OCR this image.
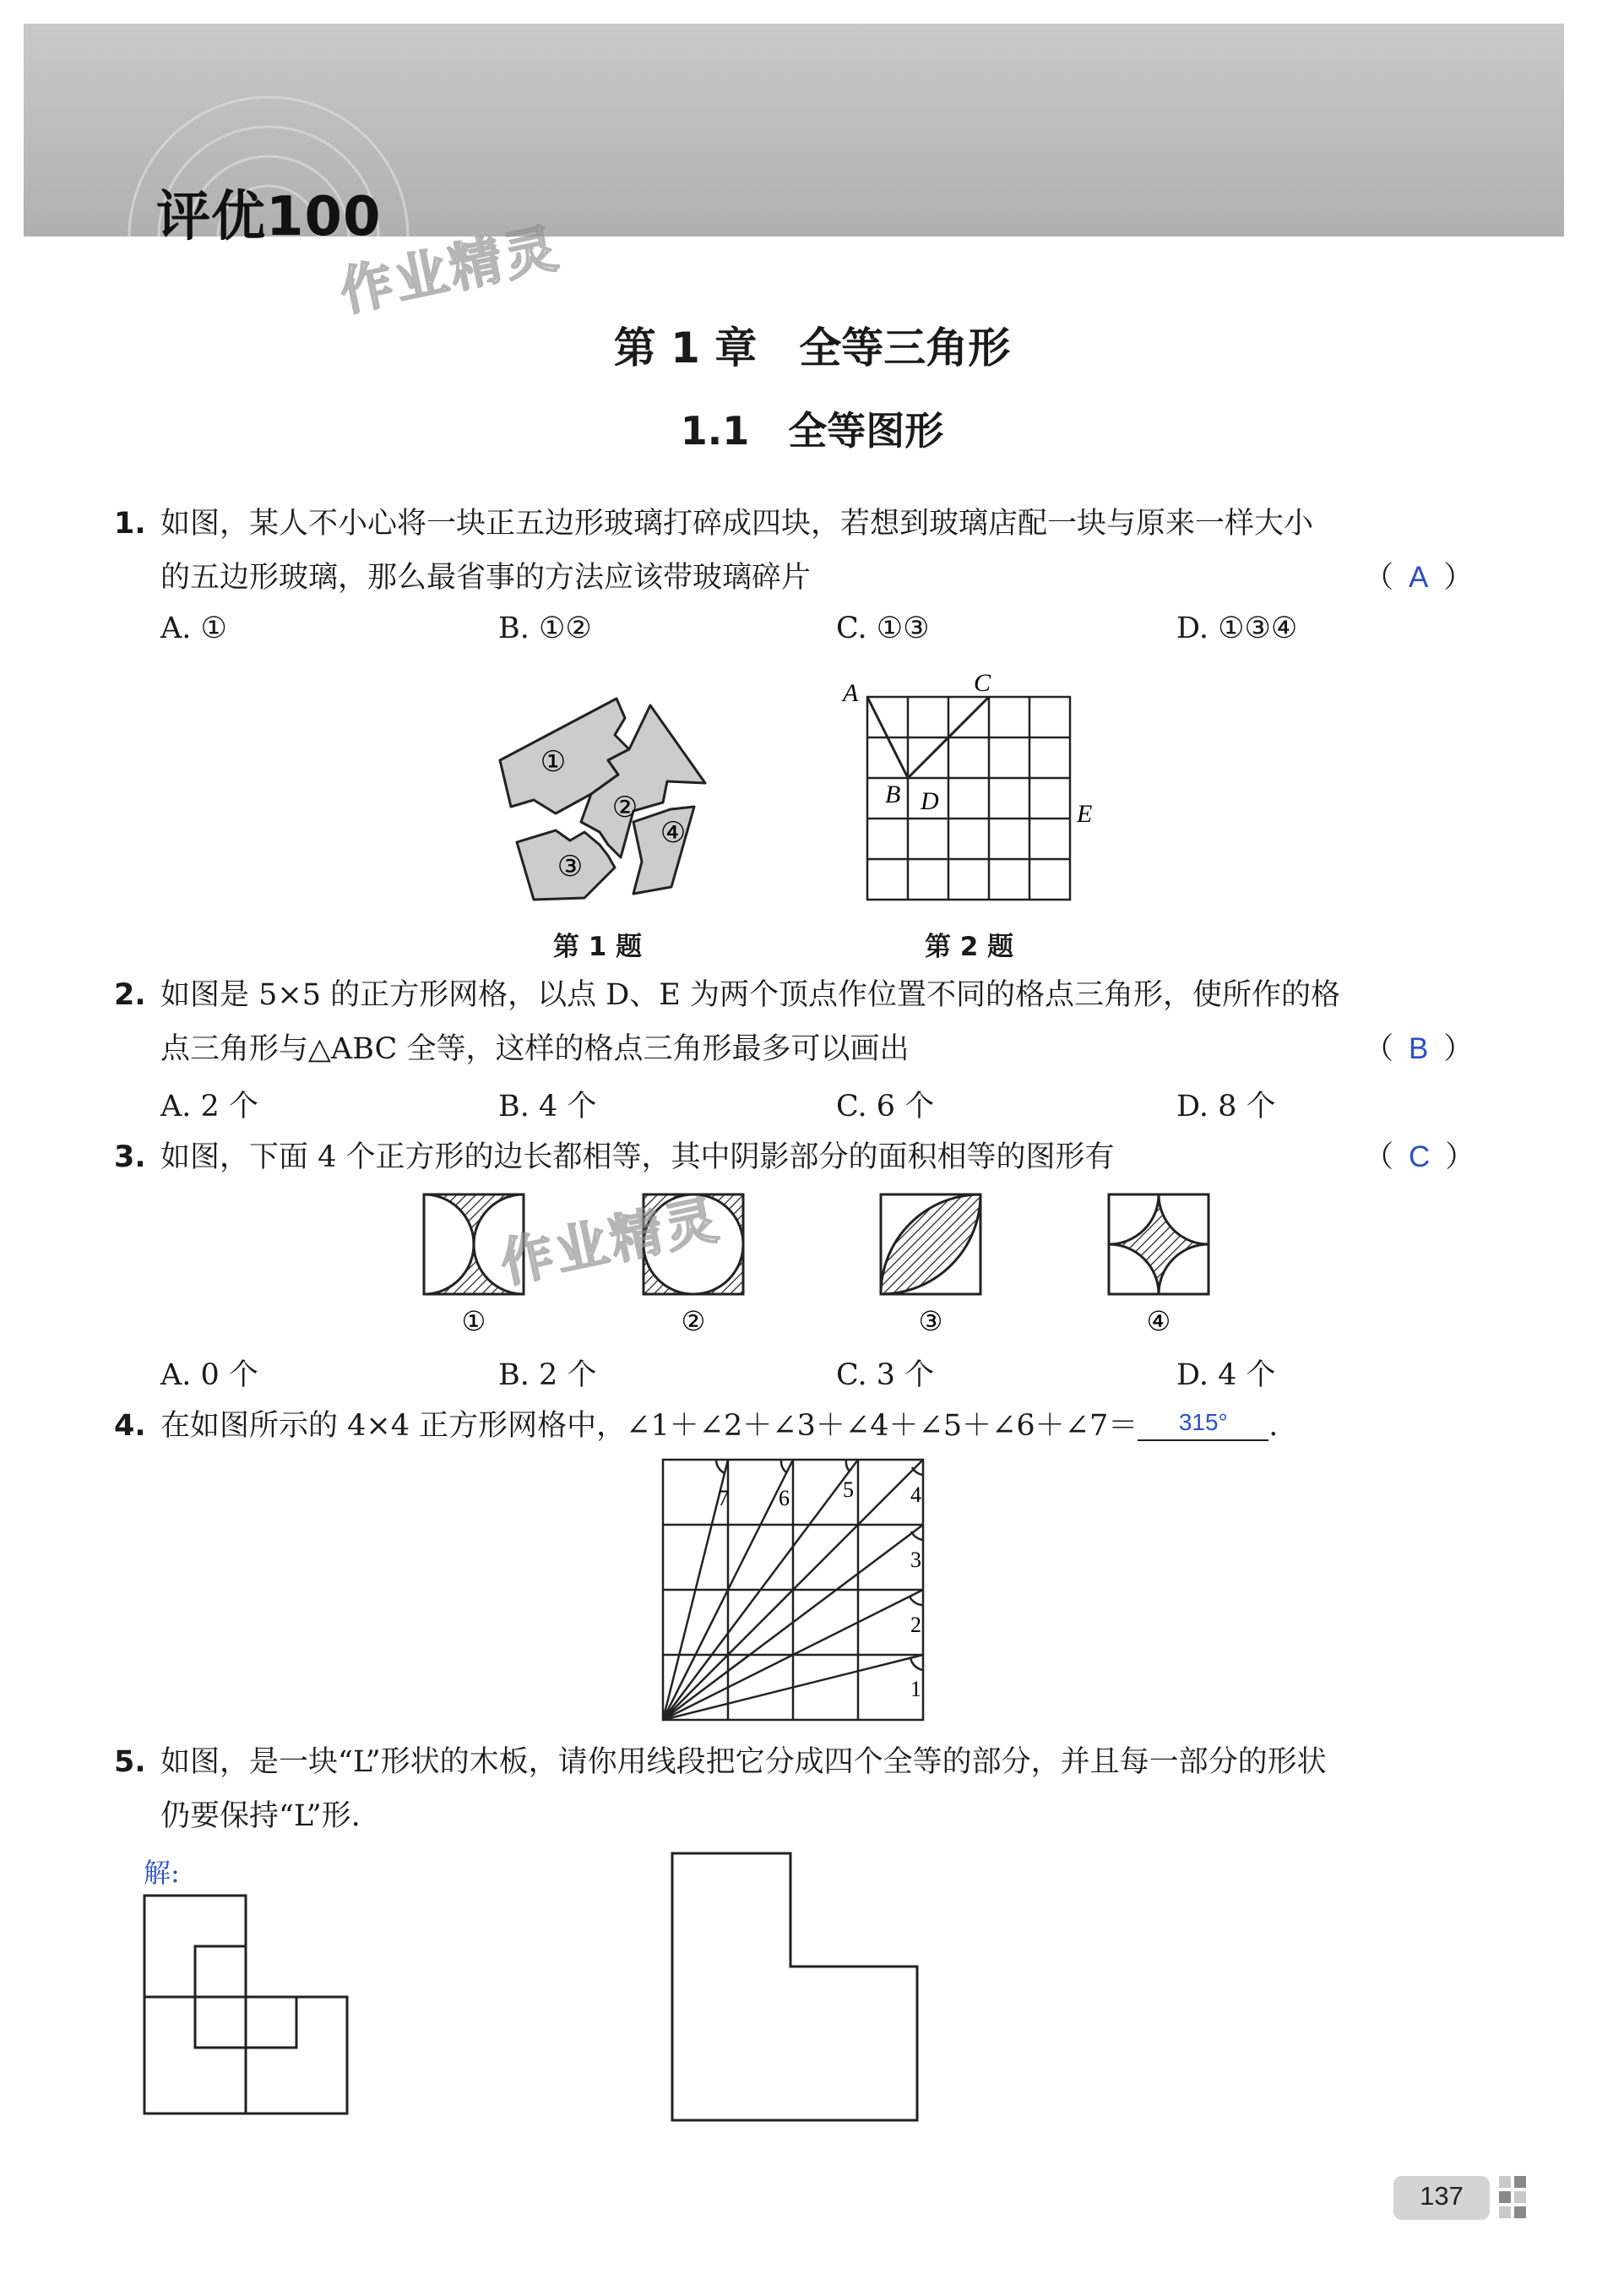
评优100
作业精灵
第 1 章　全等三角形
1.1　全等图形
1. 如图，某人不小心将一块正五边形玻璃打碎成四块，若想到玻璃店配一块与原来一样大小
的五边形玻璃，那么最省事的方法应该带玻璃碎片	（ A ）
A. ①	B. ①②	C. ①③	D. ①③④
①
②
③
④
第 1 题
A	C
B D	E
第 2 题
2. 如图是 5×5 的正方形网格，以点 D、E 为两个顶点作位置不同的格点三角形，使所作的格
点三角形与△ABC 全等，这样的格点三角形最多可以画出	（ B ）
A. 2 个	B. 4 个	C. 6 个	D. 8 个
3. 如图，下面 4 个正方形的边长都相等，其中阴影部分的面积相等的图形有	（ C ）
①	②	③	④
作业精灵
A. 0 个	B. 2 个	C. 3 个	D. 4 个
4. 在如图所示的 4×4 正方形网格中，∠1＋∠2＋∠3＋∠4＋∠5＋∠6＋∠7＝ 315° .
1
2
3
4
5
6
7
5. 如图，是一块“L”形状的木板，请你用线段把它分成四个全等的部分，并且每一部分的形状
仍要保持“L”形.
解:
137
